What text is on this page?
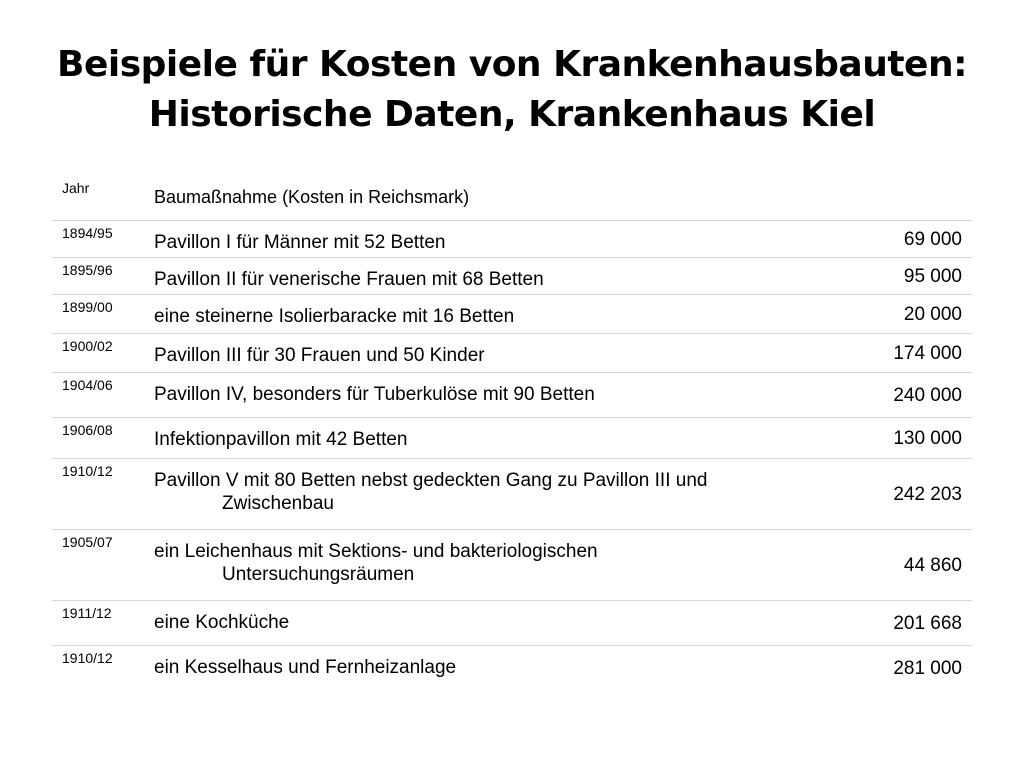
Beispiele für Kosten von Krankenhausbauten:
Historische Daten, Krankenhaus Kiel
Jahr	Baumaßnahme (Kosten in Reichsmark)
1894/95	Pavillon I für Männer mit 52 Betten	69 000
1895/96	Pavillon II für venerische Frauen mit 68 Betten	95 000
1899/00	eine steinerne Isolierbaracke mit 16 Betten	20 000
1900/02	Pavillon III für 30 Frauen und 50 Kinder	174 000
1904/06	Pavillon IV, besonders für Tuberkulöse mit 90 Betten	240 000
1906/08	Infektionpavillon mit 42 Betten	130 000
1910/12	Pavillon V mit 80 Betten nebst gedeckten Gang zu Pavillon III und
Zwischenbau	242 203
1905/07	ein Leichenhaus mit Sektions- und bakteriologischen
Untersuchungsräumen	44 860
1911/12	eine Kochküche	201 668
1910/12	ein Kesselhaus und Fernheizanlage	281 000
